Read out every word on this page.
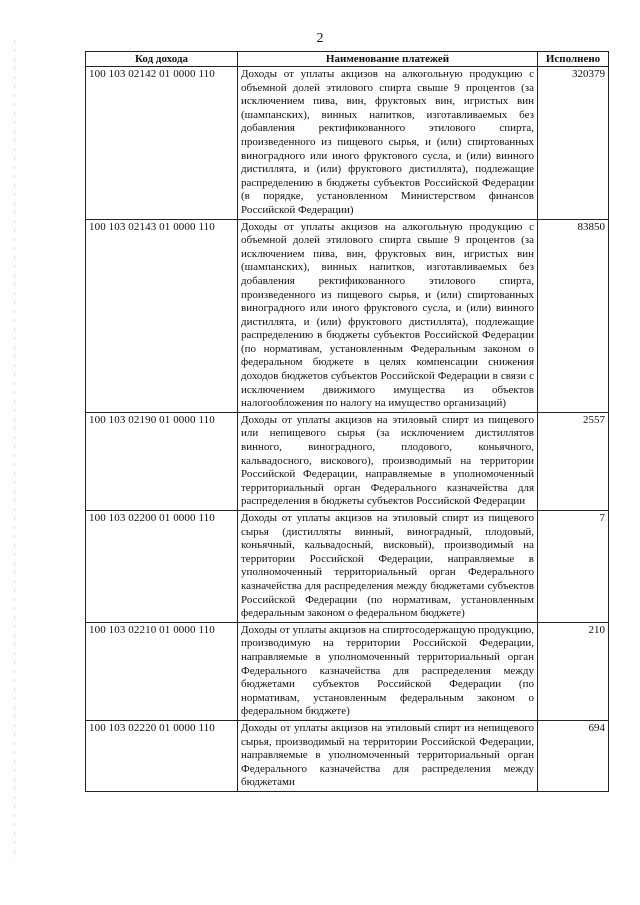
2
Код дохода	Наименование платежей	Исполнено
100 103 02142 01 0000 110	Доходы от уплаты акцизов на алкогольную продукцию с объемной долей этилового спирта свыше 9 процентов (за исключением пива, вин, фруктовых вин, игристых вин (шампанских), винных напитков, изготавливаемых без добавления ректификованного этилового спирта, произведенного из пищевого сырья, и (или) спиртованных виноградного или иного фруктового сусла, и (или) винного дистиллята, и (или) фруктового дистиллята), подлежащие распределению в бюджеты субъектов Российской Федерации (в порядке, установленном Министерством финансов Российской Федерации)	320379
100 103 02143 01 0000 110	Доходы от уплаты акцизов на алкогольную продукцию с объемной долей этилового спирта свыше 9 процентов (за исключением пива, вин, фруктовых вин, игристых вин (шампанских), винных напитков, изготавливаемых без добавления ректификованного этилового спирта, произведенного из пищевого сырья, и (или) спиртованных виноградного или иного фруктового сусла, и (или) винного дистиллята, и (или) фруктового дистиллята), подлежащие распределению в бюджеты субъектов Российской Федерации (по нормативам, установленным Федеральным законом о федеральном бюджете в целях компенсации снижения доходов бюджетов субъектов Российской Федерации в связи с исключением движимого имущества из объектов налогообложения по налогу на имущество организаций)	83850
100 103 02190 01 0000 110	Доходы от уплаты акцизов на этиловый спирт из пищевого или непищевого сырья (за исключением дистиллятов винного, виноградного, плодового, коньячного, кальвадосного, вискового), производимый на территории Российской Федерации, направляемые в уполномоченный территориальный орган Федерального казначейства для распределения в бюджеты субъектов Российской Федерации	2557
100 103 02200 01 0000 110	Доходы от уплаты акцизов на этиловый спирт из пищевого сырья (дистилляты винный, виноградный, плодовый, коньячный, кальвадосный, висковый), производимый на территории Российской Федерации, направляемые в уполномоченный территориальный орган Федерального казначейства для распределения между бюджетами субъектов Российской Федерации (по нормативам, установленным федеральным законом о федеральном бюджете)	7
100 103 02210 01 0000 110	Доходы от уплаты акцизов на спиртосодержащую продукцию, производимую на территории Российской Федерации, направляемые в уполномоченный территориальный орган Федерального казначейства для распределения между бюджетами субъектов Российской Федерации (по нормативам, установленным федеральным законом о федеральном бюджете)	210
100 103 02220 01 0000 110	Доходы от уплаты акцизов на этиловый спирт из непищевого сырья, производимый на территории Российской Федерации, направляемые в уполномоченный территориальный орган Федерального казначейства для распределения между бюджетами	694
